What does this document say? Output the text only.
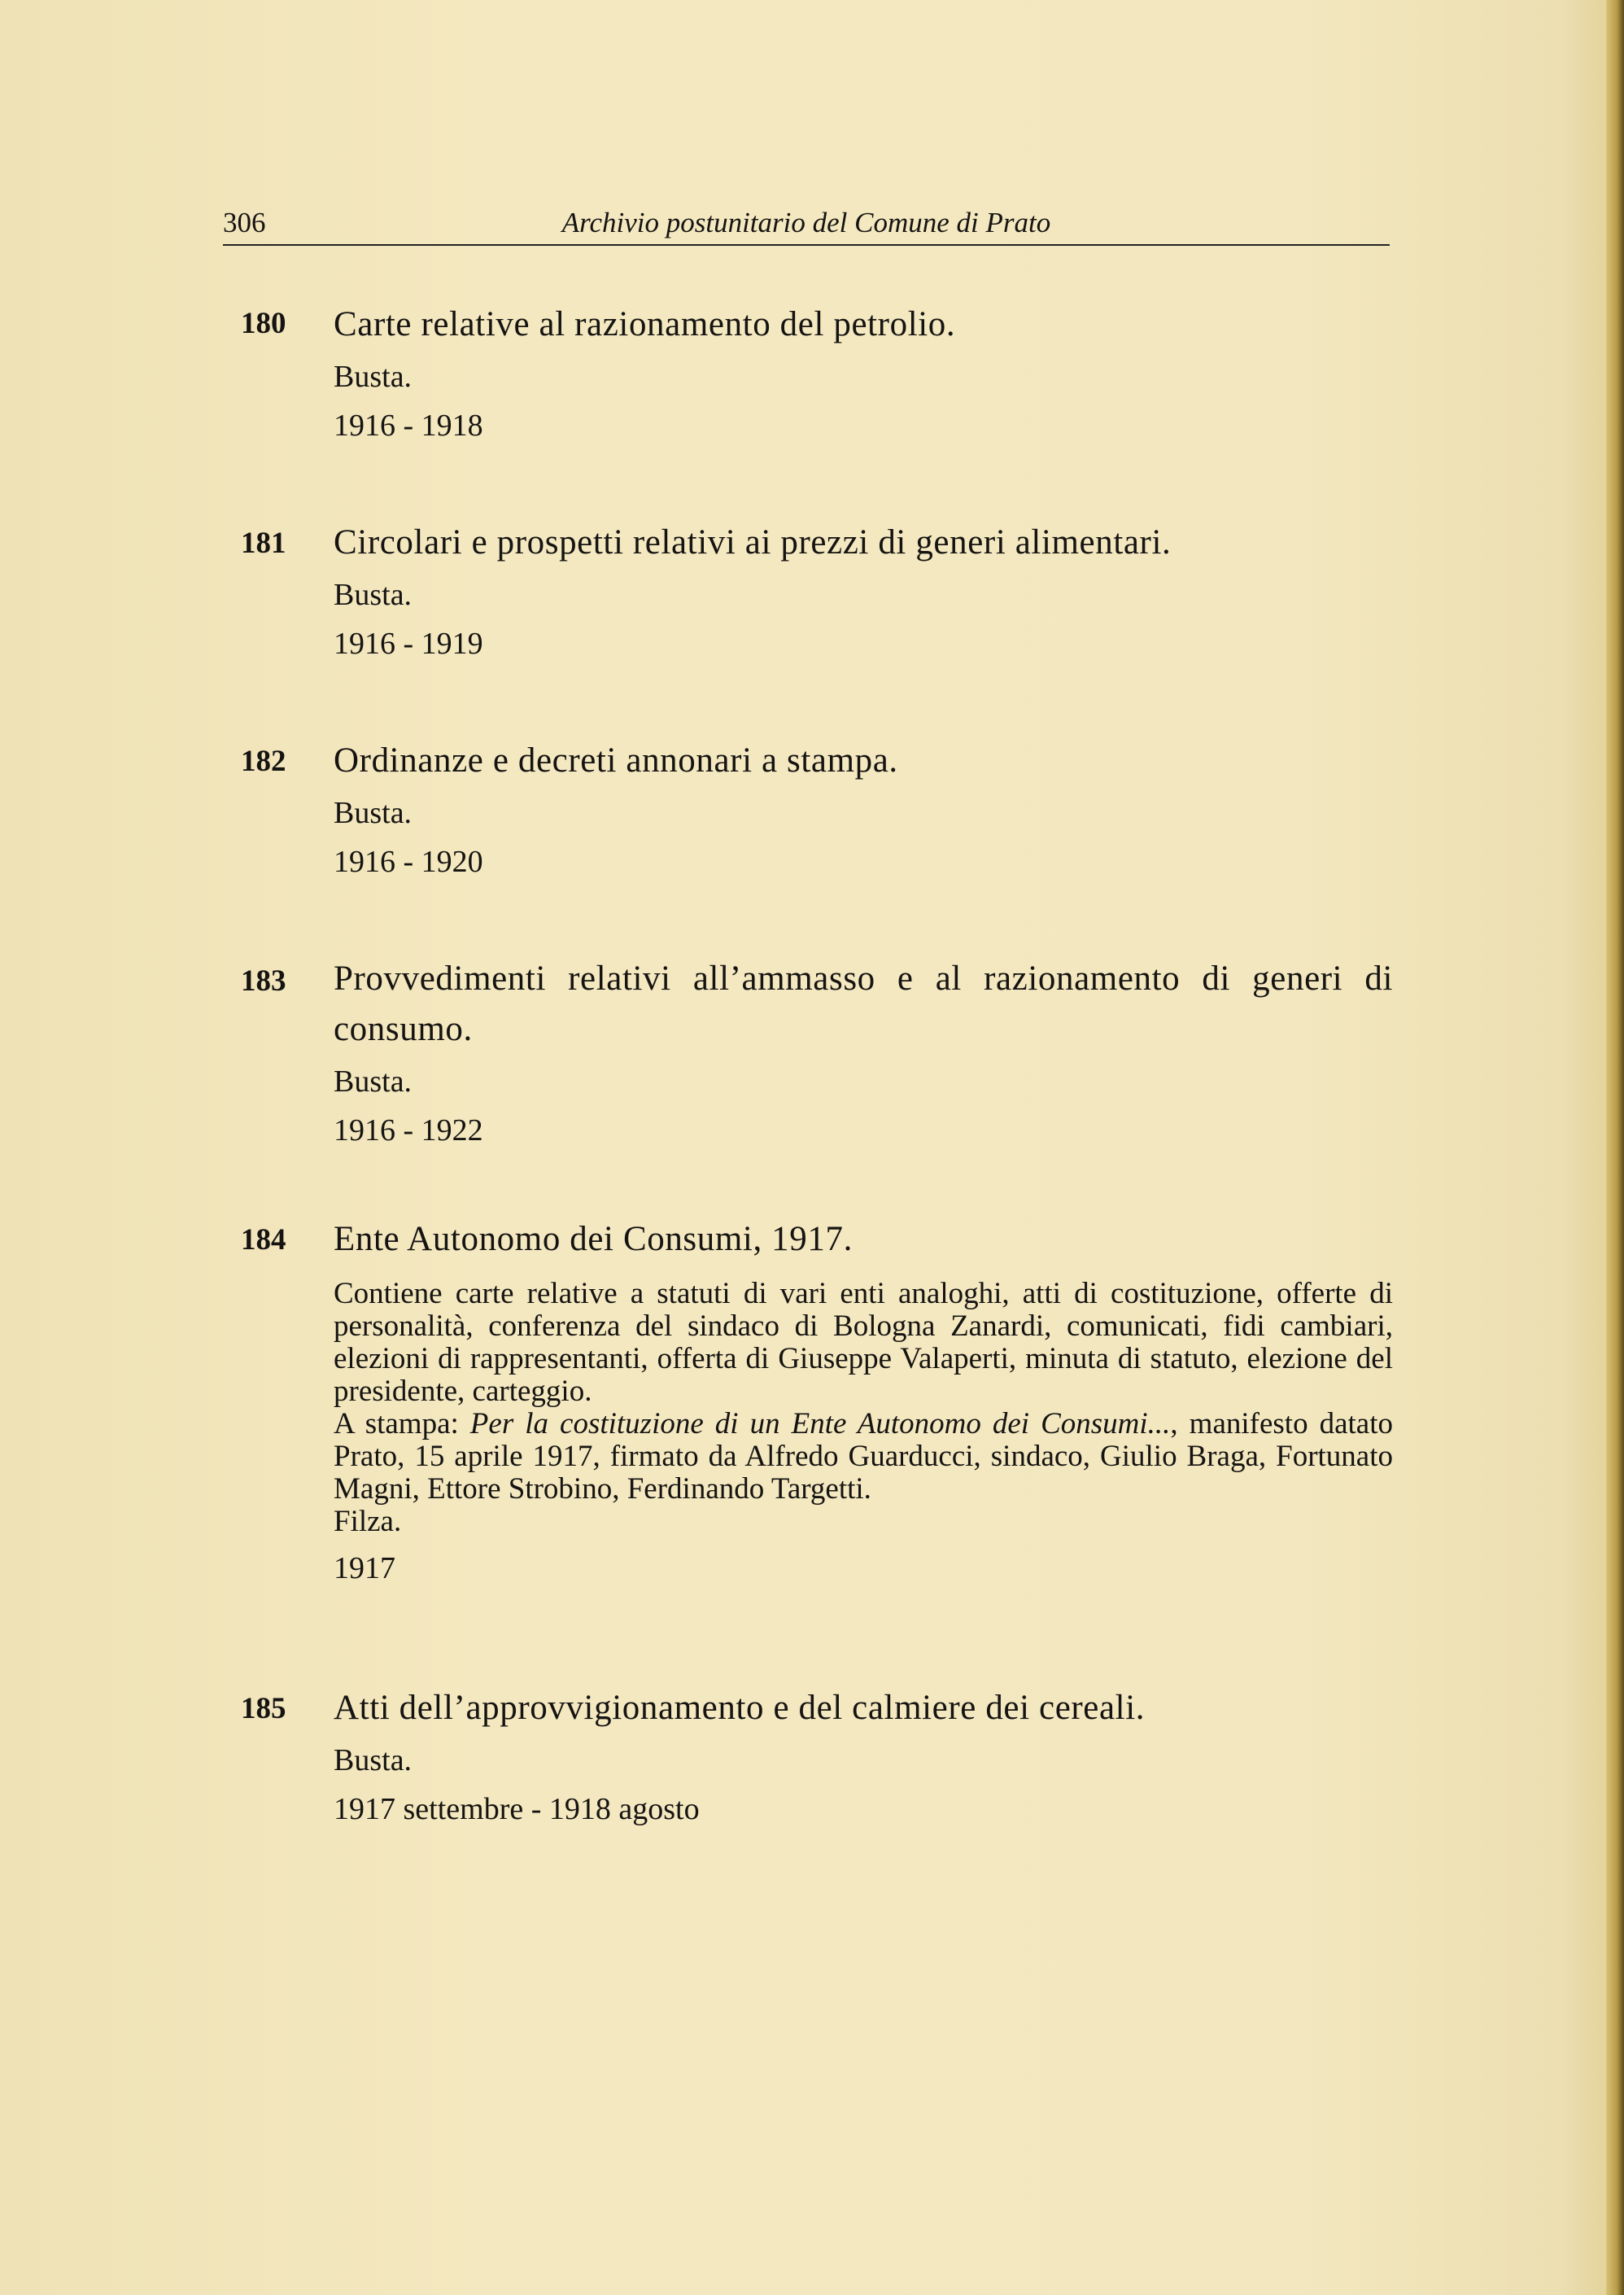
306	Archivio postunitario del Comune di Prato
180 Carte relative al razionamento del petrolio.
Busta.
1916 - 1918
181 Circolari e prospetti relativi ai prezzi di generi alimentari.
Busta.
1916 - 1919
182 Ordinanze e decreti annonari a stampa.
Busta.
1916 - 1920
183 Provvedimenti relativi all’ammasso e al razionamento di generi di consumo.
Busta.
1916 - 1922
184 Ente Autonomo dei Consumi, 1917.
Contiene carte relative a statuti di vari enti analoghi, atti di costituzione, offerte di personalità, conferenza del sindaco di Bologna Zanardi, comunicati, fidi cambiari, elezioni di rappresentanti, offerta di Giuseppe Valaperti, minuta di statuto, elezione del presidente, carteggio.
A stampa: Per la costituzione di un Ente Autonomo dei Consumi..., manifesto datato Prato, 15 aprile 1917, firmato da Alfredo Guarducci, sindaco, Giulio Braga, Fortunato Magni, Ettore Strobino, Ferdinando Targetti.
Filza.
1917
185 Atti dell’approvvigionamento e del calmiere dei cereali.
Busta.
1917 settembre - 1918 agosto
